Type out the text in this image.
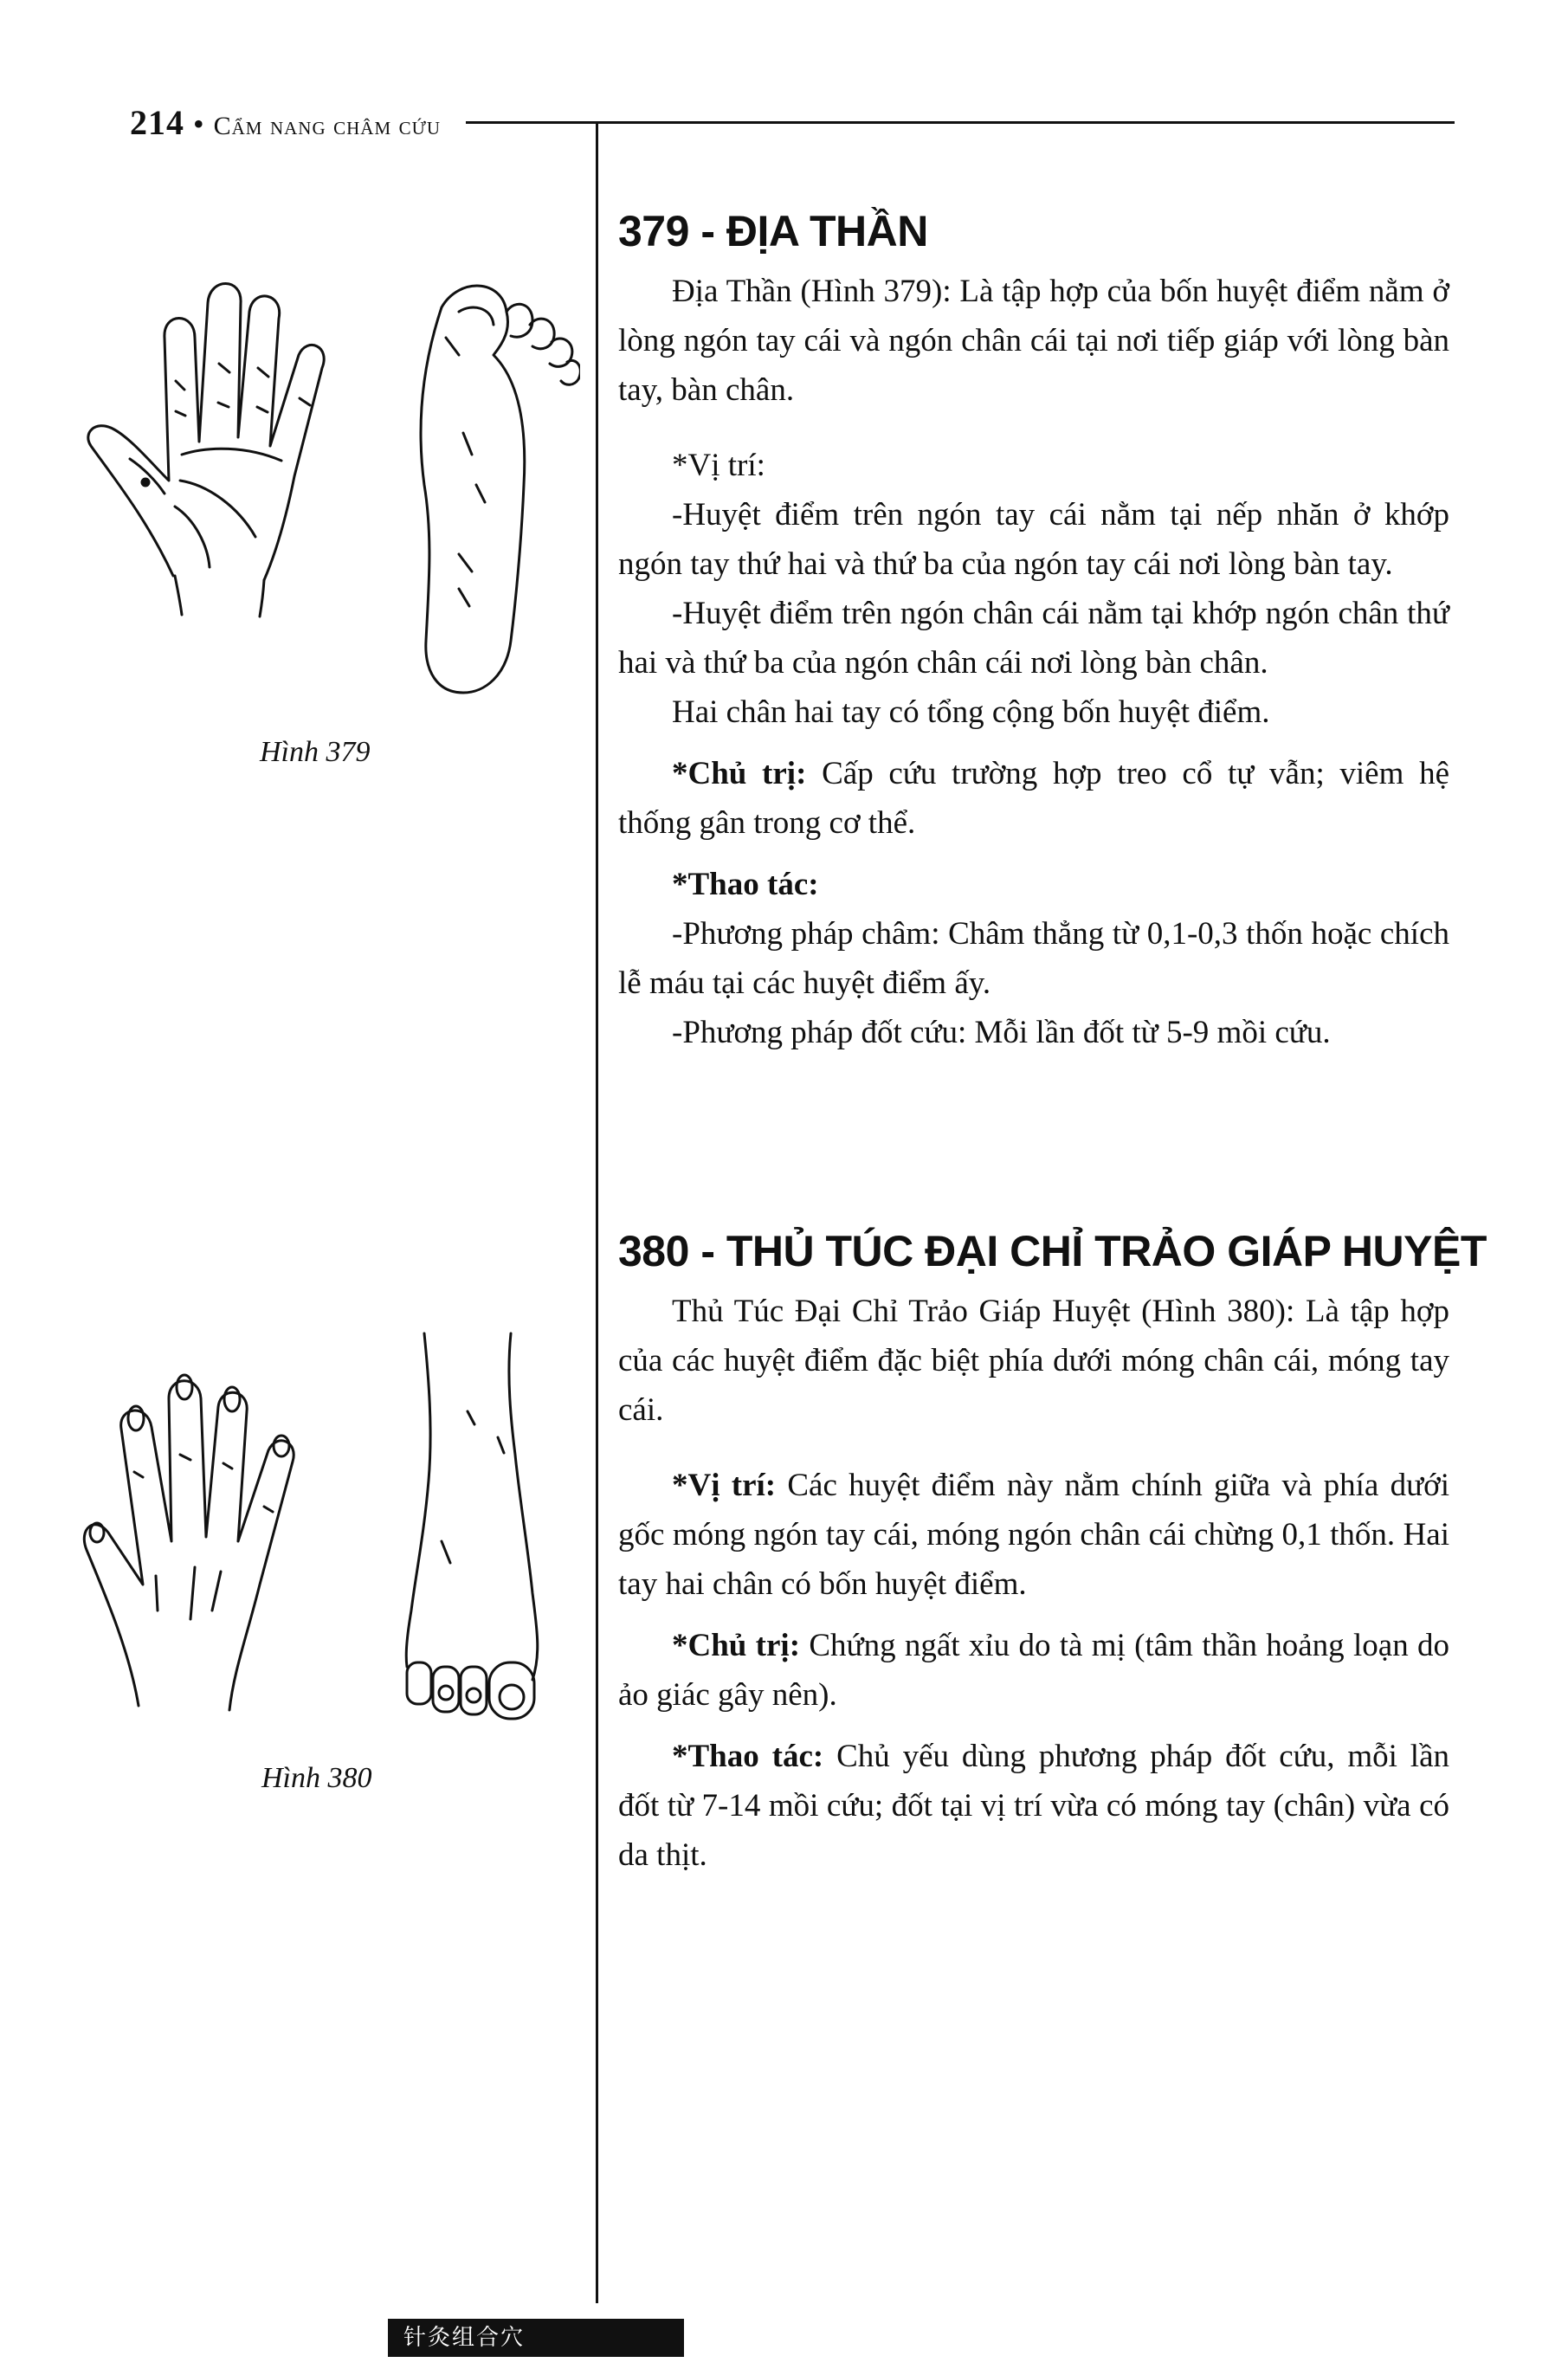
214 • Cẩm nang châm cứu
Hình 379
Hình 380
379 - ĐỊA THẦN

Địa Thần (Hình 379): Là tập hợp của bốn huyệt điểm nằm ở lòng ngón tay cái và ngón chân cái tại nơi tiếp giáp với lòng bàn tay, bàn chân.

*Vị trí:

-Huyệt điểm trên ngón tay cái nằm tại nếp nhăn ở khớp ngón tay thứ hai và thứ ba của ngón tay cái nơi lòng bàn tay.

-Huyệt điểm trên ngón chân cái nằm tại khớp ngón chân thứ hai và thứ ba của ngón chân cái nơi lòng bàn chân.

Hai chân hai tay có tổng cộng bốn huyệt điểm.

*Chủ trị: Cấp cứu trường hợp treo cổ tự vẫn; viêm hệ thống gân trong cơ thể.

*Thao tác:

-Phương pháp châm: Châm thẳng từ 0,1-0,3 thốn hoặc chích lễ máu tại các huyệt điểm ấy.

-Phương pháp đốt cứu: Mỗi lần đốt từ 5-9 mồi cứu.

380 - THỦ TÚC ĐẠI CHỈ TRẢO GIÁP HUYỆT

Thủ Túc Đại Chỉ Trảo Giáp Huyệt (Hình 380): Là tập hợp của các huyệt điểm đặc biệt phía dưới móng chân cái, móng tay cái.

*Vị trí: Các huyệt điểm này nằm chính giữa và phía dưới gốc móng ngón tay cái, móng ngón chân cái chừng 0,1 thốn. Hai tay hai chân có bốn huyệt điểm.

*Chủ trị: Chứng ngất xỉu do tà mị (tâm thần hoảng loạn do ảo giác gây nên).

*Thao tác: Chủ yếu dùng phương pháp đốt cứu, mỗi lần đốt từ 7-14 mồi cứu; đốt tại vị trí vừa có móng tay (chân) vừa có da thịt.

针灸组合穴
